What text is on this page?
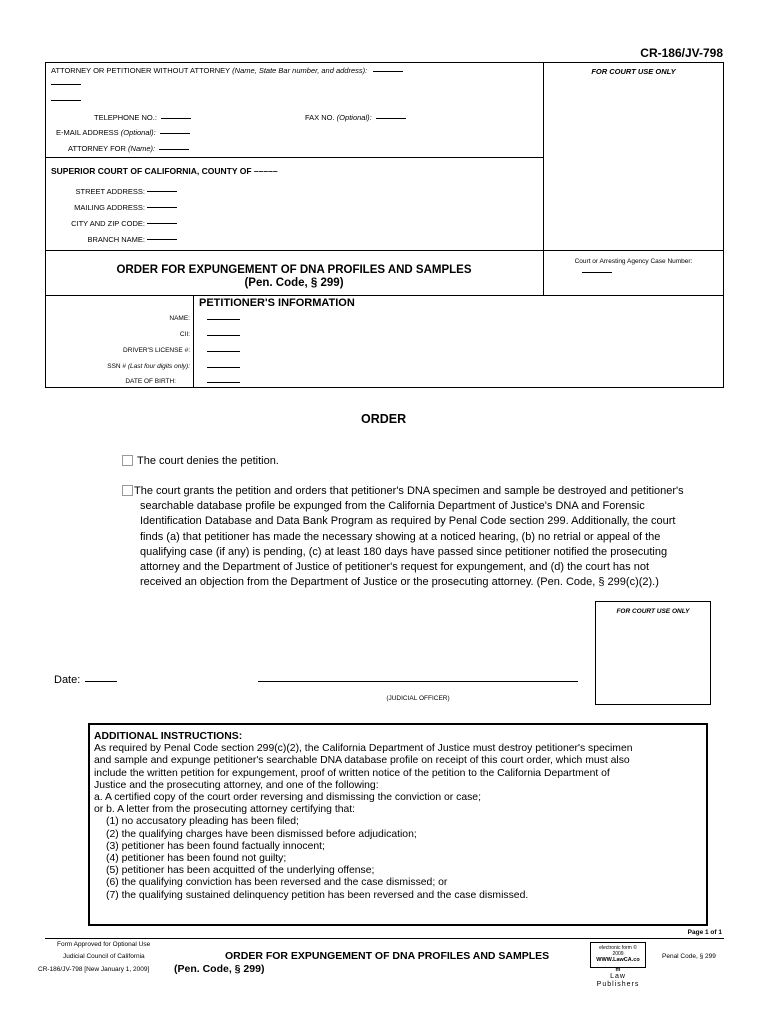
CR-186/JV-798
ATTORNEY OR PETITIONER WITHOUT ATTORNEY (Name, State Bar number, and address):	FOR COURT USE ONLY
TELEPHONE NO.:	FAX NO. (Optional):
E-MAIL ADDRESS (Optional):
ATTORNEY FOR (Name):
SUPERIOR COURT OF CALIFORNIA, COUNTY OF –––––
STREET ADDRESS:
MAILING ADDRESS:
CITY AND ZIP CODE:
BRANCH NAME:
ORDER FOR EXPUNGEMENT OF DNA PROFILES AND SAMPLES
(Pen. Code, § 299)
Court or Arresting Agency Case Number:
PETITIONER'S INFORMATION
NAME:
CII:
DRIVER'S LICENSE #:
SSN # (Last four digits only):
DATE OF BIRTH:
ORDER
The court denies the petition.
The court grants the petition and orders that petitioner's DNA specimen and sample be destroyed and petitioner's
searchable database profile be expunged from the California Department of Justice's DNA and Forensic
Identification Database and Data Bank Program as required by Penal Code section 299. Additionally, the court
finds (a) that petitioner has made the necessary showing at a noticed hearing, (b) no retrial or appeal of the
qualifying case (if any) is pending, (c) at least 180 days have passed since petitioner notified the prosecuting
attorney and the Department of Justice of petitioner's request for expungement, and (d) the court has not
received an objection from the Department of Justice or the prosecuting attorney. (Pen. Code, § 299(c)(2).)
FOR COURT USE ONLY
Date:
(JUDICIAL OFFICER)
ADDITIONAL INSTRUCTIONS:
As required by Penal Code section 299(c)(2), the California Department of Justice must destroy petitioner's specimen
and sample and expunge petitioner's searchable DNA database profile on receipt of this court order, which must also
include the written petition for expungement, proof of written notice of the petition to the California Department of
Justice and the prosecuting attorney, and one of the following:
a. A certified copy of the court order reversing and dismissing the conviction or case;
or b. A letter from the prosecuting attorney certifying that:
(1) no accusatory pleading has been filed;
(2) the qualifying charges have been dismissed before adjudication;
(3) petitioner has been found factually innocent;
(4) petitioner has been found not guilty;
(5) petitioner has been acquitted of the underlying offense;
(6) the qualifying conviction has been reversed and the case dismissed; or
(7) the qualifying sustained delinquency petition has been reversed and the case dismissed.
Page 1 of 1
Form Approved for Optional Use
Judicial Council of California
CR-186/JV-798 [New January 1, 2009] (Pen. Code, § 299)
ORDER FOR EXPUNGEMENT OF DNA PROFILES AND SAMPLES
electronic form ©
2009
WWW.LawCA.co
m
Law
Publishers
Penal Code, § 299
